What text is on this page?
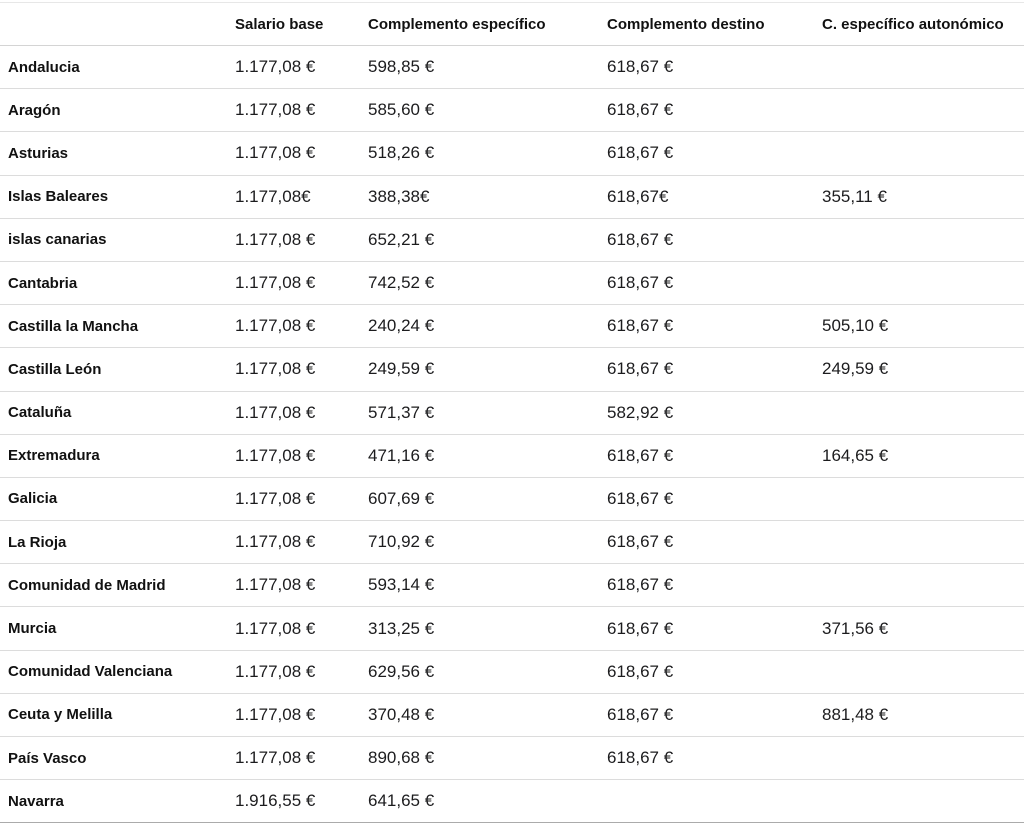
	Salario base	Complemento específico	Complemento destino	C. específico autonómico
Andalucia	1.177,08 €	598,85 €	618,67 €	
Aragón	1.177,08 €	585,60 €	618,67 €	
Asturias	1.177,08 €	518,26 €	618,67 €	
Islas Baleares	1.177,08€	388,38€	618,67€	355,11 €
islas canarias	1.177,08 €	652,21 €	618,67 €	
Cantabria	1.177,08 €	742,52 €	618,67 €	
Castilla la Mancha	1.177,08 €	240,24 €	618,67 €	505,10 €
Castilla León	1.177,08 €	249,59 €	618,67 €	249,59 €
Cataluña	1.177,08 €	571,37 €	582,92 €	
Extremadura	1.177,08 €	471,16 €	618,67 €	164,65 €
Galicia	1.177,08 €	607,69 €	618,67 €	
La Rioja	1.177,08 €	710,92 €	618,67 €	
Comunidad de Madrid	1.177,08 €	593,14 €	618,67 €	
Murcia	1.177,08 €	313,25 €	618,67 €	371,56 €
Comunidad Valenciana	1.177,08 €	629,56 €	618,67 €	
Ceuta y Melilla	1.177,08 €	370,48 €	618,67 €	881,48 €
País Vasco	1.177,08 €	890,68 €	618,67 €	
Navarra	1.916,55 €	641,65 €		
